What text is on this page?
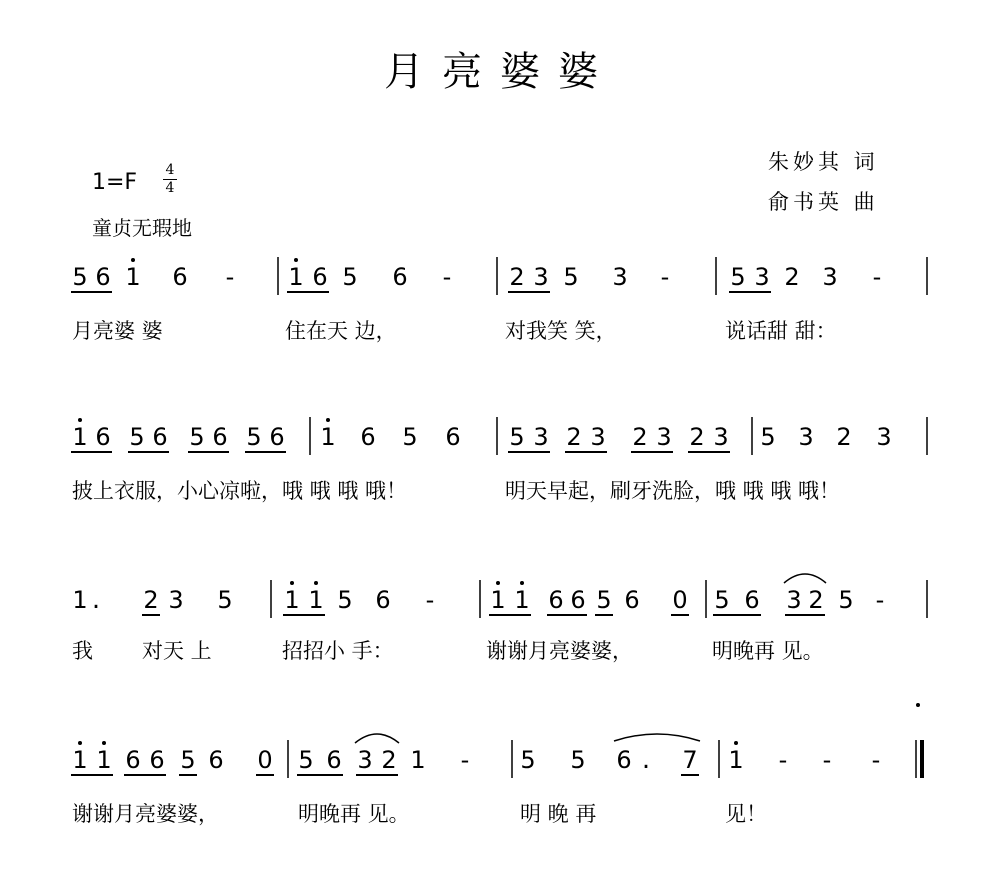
月亮婆婆
1=F 4
4
童贞无瑕地
朱妙其 词
俞书英 曲
5 6 1 6 - 1 6 5 6 - 2 3 5 3 -	5 3 2 3 -
1 6 5 6 5 6 5 6 1 6 5 6 5 3 2 3 2 3 2 3 5 3 2 3
1 . 2 3 5 1 1 5 6 - 1 1 6 6 5 6 0 5 6 3 2 5 -
1 1 6 6 5 6 0 5 6 3 2 1 - 5 5 6 . 7 1 - - -
月亮婆 婆	住在天 边，	对我笑 笑，	说话甜 甜：
披上衣服，小心凉啦，哦 哦 哦 哦！	明天早起，刷牙洗脸，哦 哦 哦 哦！
我 对天 上	招招小 手：	谢谢月亮婆婆，	明晚再 见。
谢谢月亮婆婆，	明晚再 见。	明 晚 再	见！
